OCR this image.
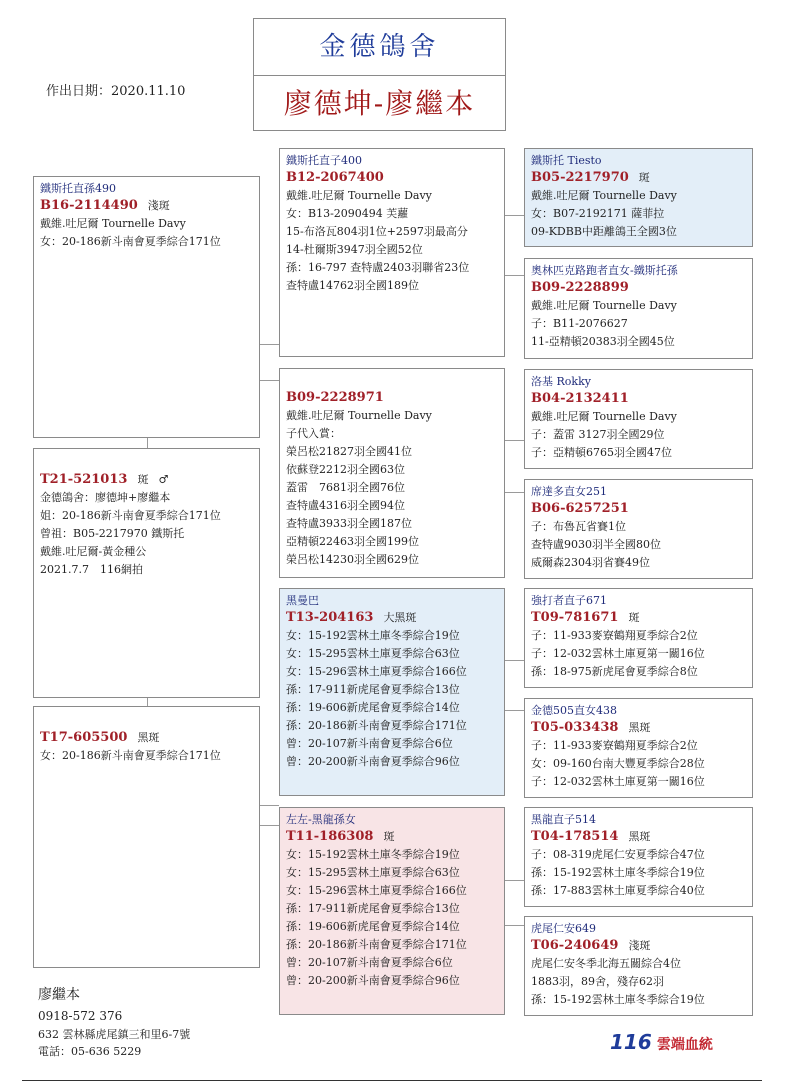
金德鴿舍
廖德坤-廖繼本
作出日期：2020.11.10
鐵斯托直孫490
B16-2114490 淺斑
戴維.吐尼爾 Tournelle Davy
女：20-186新斗南會夏季綜合171位
T21-521013 斑 ♂
金德鴿舍：廖德坤+廖繼本
姐：20-186新斗南會夏季綜合171位
曾祖：B05-2217970 鐵斯托
戴維.吐尼爾-黃金種公
2021.7.7　116網拍
T17-605500 黑斑
女：20-186新斗南會夏季綜合171位
鐵斯托直子400
B12-2067400
戴維.吐尼爾 Tournelle Davy
女：B13-2090494 芙蘿
15-布洛瓦804羽1位+2597羽最高分
14-杜爾斯3947羽全國52位
孫：16-797 查特盧2403羽聯省23位
查特盧14762羽全國189位
B09-2228971
戴維.吐尼爾 Tournelle Davy
子代入賞：
榮呂松21827羽全國41位
依蘇登2212羽全國63位
蓋雷　7681羽全國76位
查特盧4316羽全國94位
查特盧3933羽全國187位
亞精頓22463羽全國199位
榮呂松14230羽全國629位
黑曼巴
T13-204163 大黑斑
女：15-192雲林土庫冬季綜合19位
女：15-295雲林土庫夏季綜合63位
女：15-296雲林土庫夏季綜合166位
孫：17-911新虎尾會夏季綜合13位
孫：19-606新虎尾會夏季綜合14位
孫：20-186新斗南會夏季綜合171位
曾：20-107新斗南會夏季綜合6位
曾：20-200新斗南會夏季綜合96位
左左-黑龍孫女
T11-186308 斑
女：15-192雲林土庫冬季綜合19位
女：15-295雲林土庫夏季綜合63位
女：15-296雲林土庫夏季綜合166位
孫：17-911新虎尾會夏季綜合13位
孫：19-606新虎尾會夏季綜合14位
孫：20-186新斗南會夏季綜合171位
曾：20-107新斗南會夏季綜合6位
曾：20-200新斗南會夏季綜合96位
鐵斯托 Tiesto
B05-2217970 斑
戴維.吐尼爾 Tournelle Davy
女：B07-2192171 薩菲拉
09-KDBB中距離鴿王全國3位
奧林匹克路跑者直女-鐵斯托孫
B09-2228899
戴維.吐尼爾 Tournelle Davy
子：B11-2076627
11-亞精頓20383羽全國45位
洛基 Rokky
B04-2132411
戴維.吐尼爾 Tournelle Davy
子：蓋雷 3127羽全國29位
子：亞精頓6765羽全國47位
席達多直女251
B06-6257251
子：布魯瓦省賽1位
查特盧9030羽半全國80位
威爾森2304羽省賽49位
強打者直子671
T09-781671 斑
子：11-933麥寮鶴翔夏季綜合2位
子：12-032雲林土庫夏第一關16位
孫：18-975新虎尾會夏季綜合8位
金德505直女438
T05-033438 黑斑
子：11-933麥寮鶴翔夏季綜合2位
女：09-160台南大豐夏季綜合28位
子：12-032雲林土庫夏第一關16位
黑龍直子514
T04-178514 黑斑
子：08-319虎尾仁安夏季綜合47位
孫：15-192雲林土庫冬季綜合19位
孫：17-883雲林土庫夏季綜合40位
虎尾仁安649
T06-240649 淺斑
虎尾仁安冬季北海五關綜合4位
1883羽，89舍，殘存62羽
孫：15-192雲林土庫冬季綜合19位
廖繼本
0918-572 376
632 雲林縣虎尾鎮三和里6-7號
電話：05-636 5229	116 雲端血統
